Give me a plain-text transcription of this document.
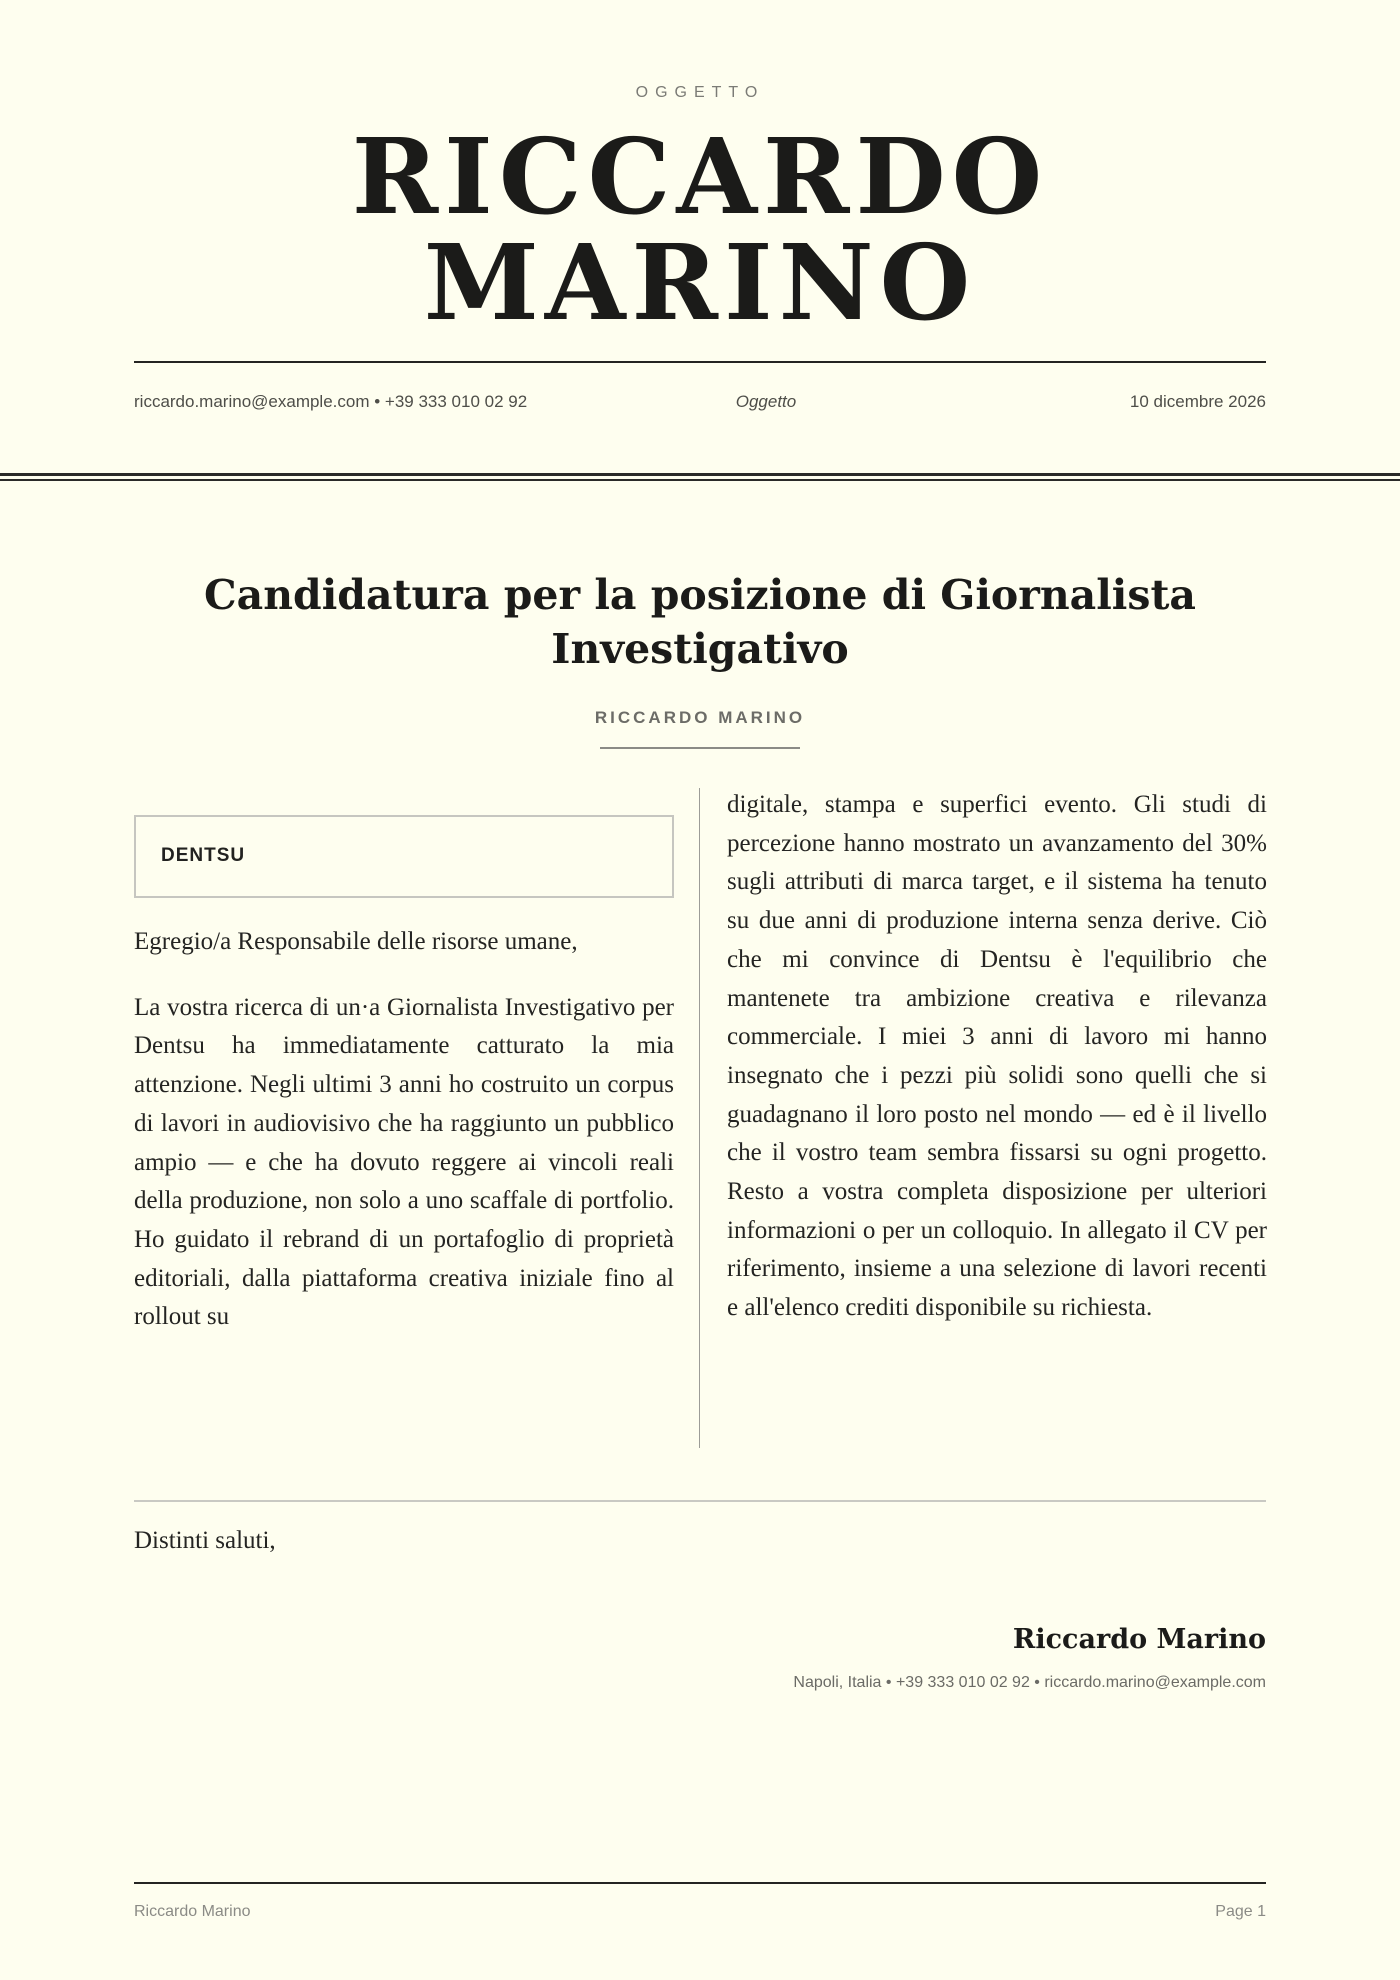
OGGETTO
RICCARDO
MARINO
riccardo.marino@example.com • +39 333 010 02 92	Oggetto	10 dicembre 2026
Candidatura per la posizione di Giornalista Investigativo
RICCARDO MARINO
DENTSU

Egregio/a Responsabile delle risorse umane,

La vostra ricerca di un·a Giornalista Investigativo per Dentsu ha immediatamente catturato la mia attenzione. Negli ultimi 3 anni ho costruito un corpus di lavori in audiovisivo che ha raggiunto un pubblico ampio — e che ha dovuto reggere ai vincoli reali della produzione, non solo a uno scaffale di portfolio. Ho guidato il rebrand di un portafoglio di proprietà editoriali, dalla piattaforma creativa iniziale fino al rollout su

digitale, stampa e superfici evento. Gli studi di percezione hanno mostrato un avanzamento del 30% sugli attributi di marca target, e il sistema ha tenuto su due anni di produzione interna senza derive. Ciò che mi convince di Dentsu è l'equilibrio che mantenete tra ambizione creativa e rilevanza commerciale. I miei 3 anni di lavoro mi hanno insegnato che i pezzi più solidi sono quelli che si guadagnano il loro posto nel mondo — ed è il livello che il vostro team sembra fissarsi su ogni progetto. Resto a vostra completa disposizione per ulteriori informazioni o per un colloquio. In allegato il CV per riferimento, insieme a una selezione di lavori recenti e all'elenco crediti disponibile su richiesta.

Distinti saluti,

Riccardo Marino
Napoli, Italia • +39 333 010 02 92 • riccardo.marino@example.com
Riccardo Marino	Page 1
